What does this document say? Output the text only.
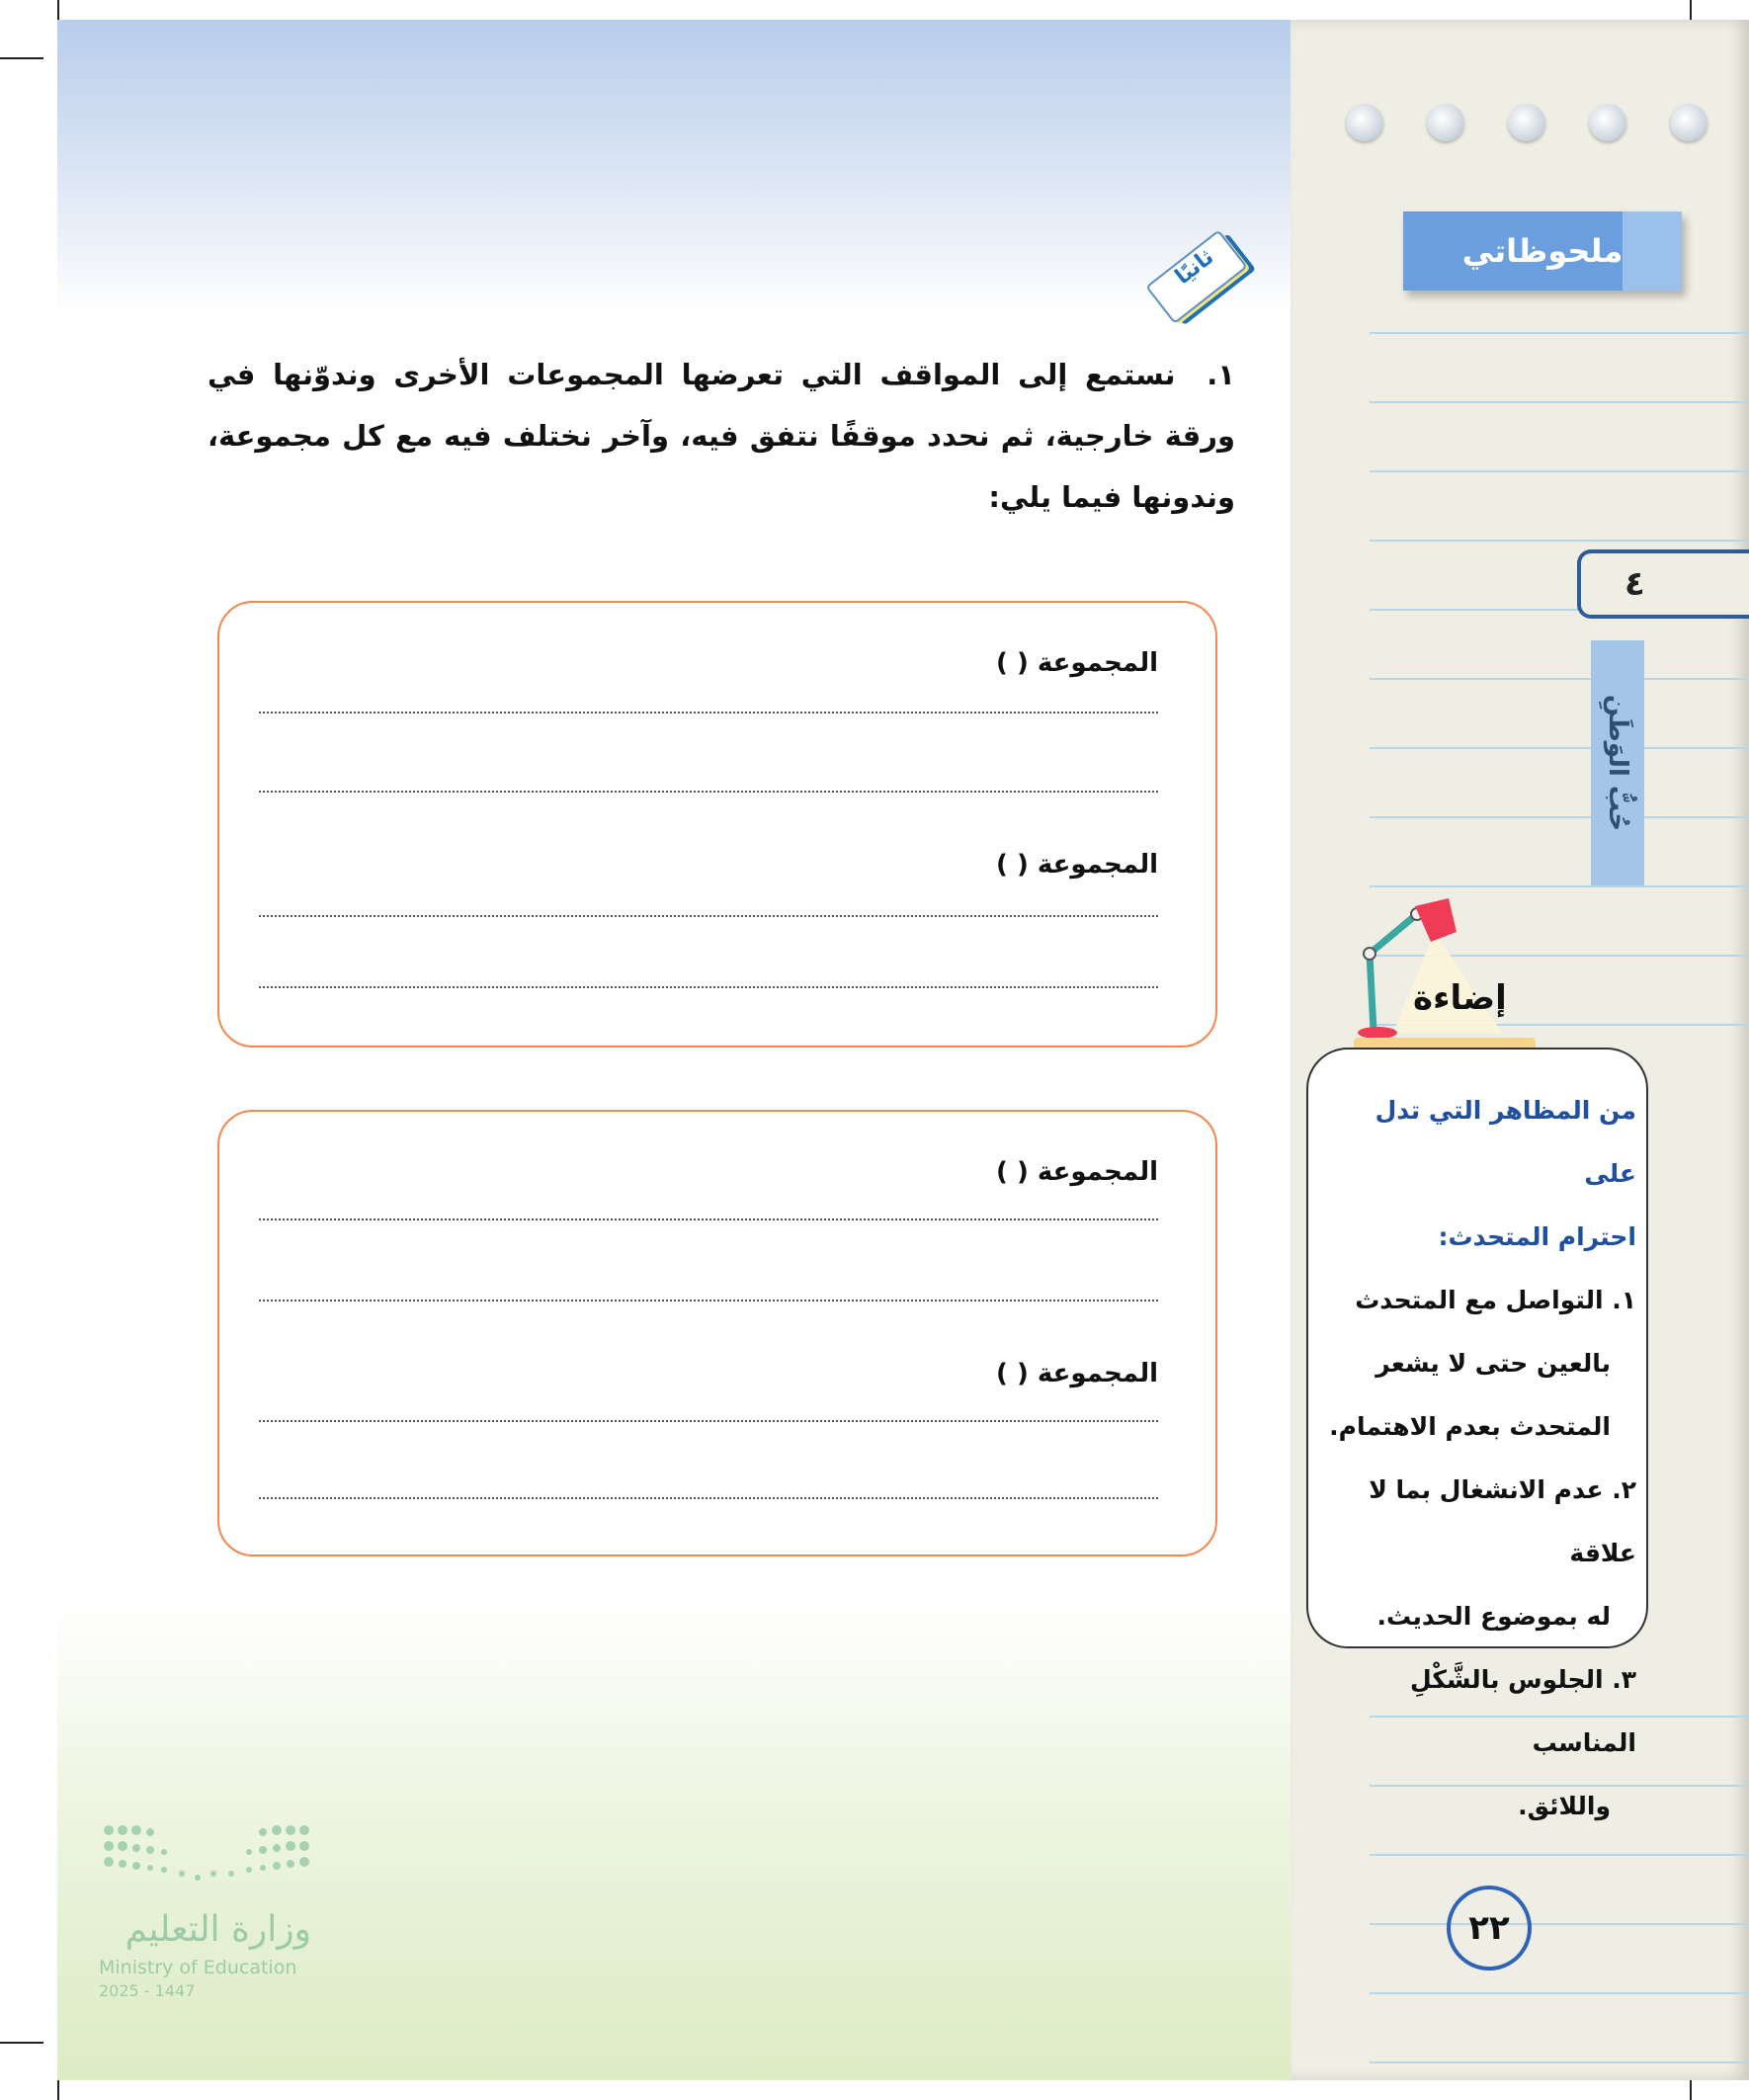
ثانيًا
١. نستمع إلى المواقف التي تعرضها المجموعات الأخرى وندوّنها في ورقة خارجية، ثم نحدد موقفًا نتفق فيه، وآخر نختلف فيه مع كل مجموعة، وندونها فيما يلي:
المجموعة ( )
المجموعة ( )
المجموعة ( )
المجموعة ( )
وزارة التعليم
Ministry of Education
2025 - 1447
ملحوظاتي
٤
حُبُّ الوَطَنِ
إضاءة
من المظاهر التي تدل على
احترام المتحدث:
١. التواصل مع المتحدث
بالعين حتى لا يشعر
المتحدث بعدم الاهتمام.
٢. عدم الانشغال بما لا علاقة
له بموضوع الحديث.
٣. الجلوس بالشَّكْلِ المناسب
واللائق.
٢٢
